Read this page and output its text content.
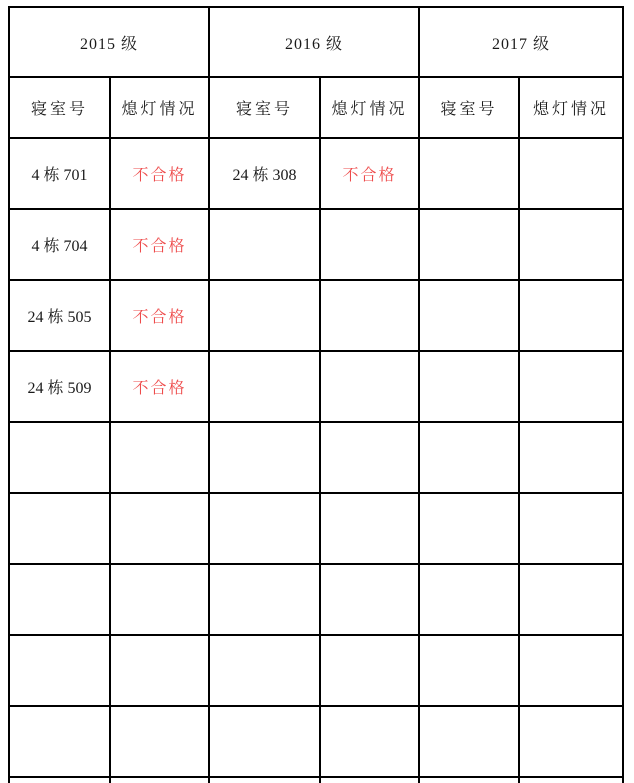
2015 级		2016 级		2017 级	
寝室号	熄灯情况	寝室号	熄灯情况	寝室号	熄灯情况
4 栋 701	不合格	24 栋 308	不合格		
4 栋 704	不合格				
24 栋 505	不合格				
24 栋 509	不合格				
